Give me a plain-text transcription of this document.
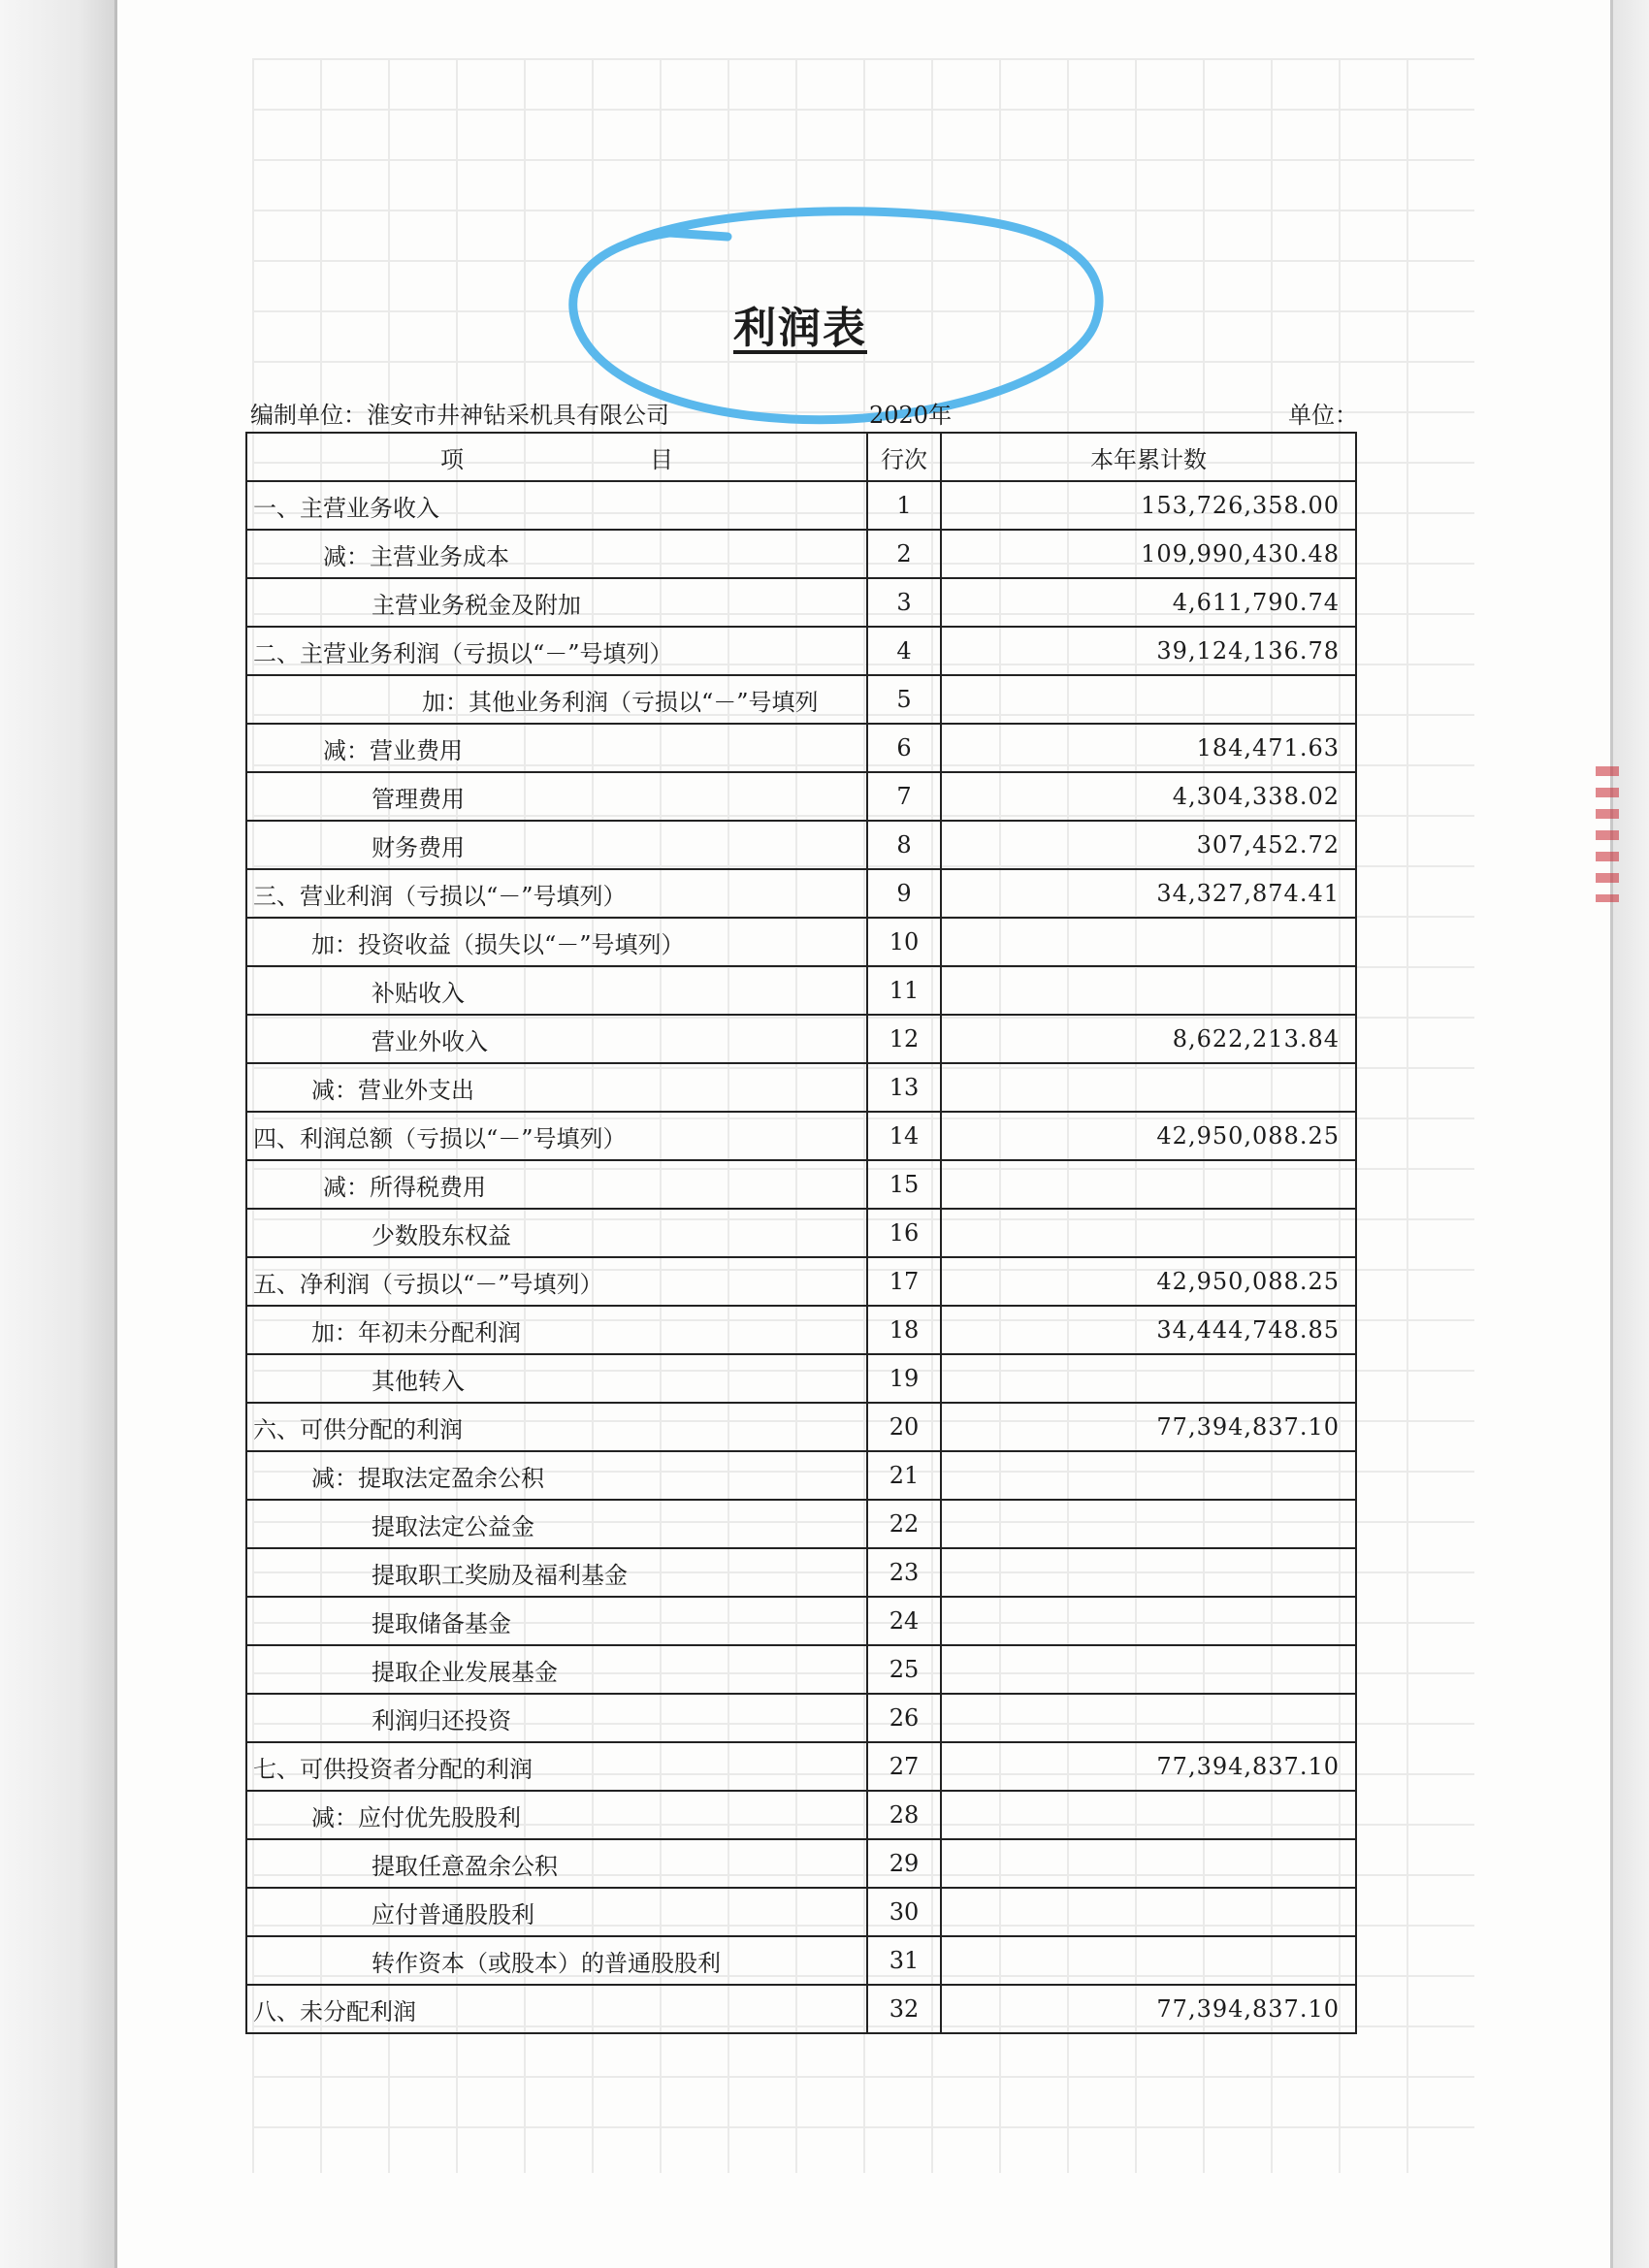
利润表
编制单位：淮安市井神钻采机具有限公司	2020年	单位：
项　　　　　　　　目	行次	本年累计数
一、主营业务收入	1	153,726,358.00
减：主营业务成本	2	109,990,430.48
主营业务税金及附加	3	4,611,790.74
二、主营业务利润（亏损以“－”号填列）	4	39,124,136.78
加：其他业务利润（亏损以“－”号填列	5	
减：营业费用	6	184,471.63
管理费用	7	4,304,338.02
财务费用	8	307,452.72
三、营业利润（亏损以“－”号填列）	9	34,327,874.41
加：投资收益（损失以“－”号填列）	10	
补贴收入	11	
营业外收入	12	8,622,213.84
减：营业外支出	13	
四、利润总额（亏损以“－”号填列）	14	42,950,088.25
减：所得税费用	15	
少数股东权益	16	
五、净利润（亏损以“－”号填列）	17	42,950,088.25
加：年初未分配利润	18	34,444,748.85
其他转入	19	
六、可供分配的利润	20	77,394,837.10
减：提取法定盈余公积	21	
提取法定公益金	22	
提取职工奖励及福利基金	23	
提取储备基金	24	
提取企业发展基金	25	
利润归还投资	26	
七、可供投资者分配的利润	27	77,394,837.10
减：应付优先股股利	28	
提取任意盈余公积	29	
应付普通股股利	30	
转作资本（或股本）的普通股股利	31	
八、未分配利润	32	77,394,837.10
